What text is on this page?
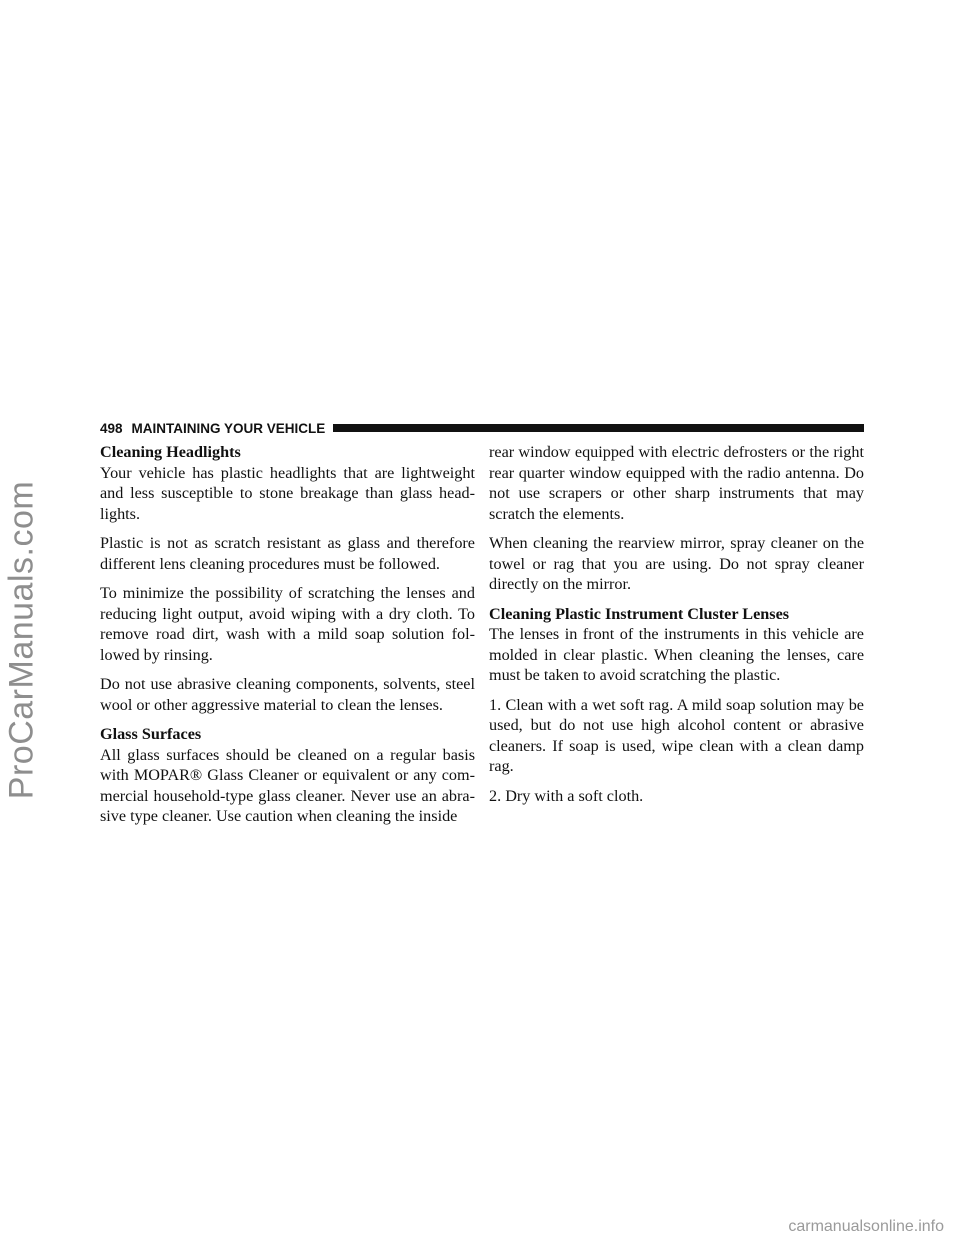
ProCarManuals.com
498 MAINTAINING YOUR VEHICLE
Cleaning Headlights

Your vehicle has plastic headlights that are lightweight and less susceptible to stone breakage than glass head-lights.

Plastic is not as scratch resistant as glass and therefore different lens cleaning procedures must be followed.

To minimize the possibility of scratching the lenses and reducing light output, avoid wiping with a dry cloth. To remove road dirt, wash with a mild soap solution fol-lowed by rinsing.

Do not use abrasive cleaning components, solvents, steel wool or other aggressive material to clean the lenses.

Glass Surfaces

All glass surfaces should be cleaned on a regular basis with MOPAR® Glass Cleaner or equivalent or any com-mercial household-type glass cleaner. Never use an abra-sive type cleaner. Use caution when cleaning the inside

rear window equipped with electric defrosters or the right rear quarter window equipped with the radio antenna. Do not use scrapers or other sharp instruments that may scratch the elements.

When cleaning the rearview mirror, spray cleaner on the towel or rag that you are using. Do not spray cleaner directly on the mirror.

Cleaning Plastic Instrument Cluster Lenses

The lenses in front of the instruments in this vehicle are molded in clear plastic. When cleaning the lenses, care must be taken to avoid scratching the plastic.

1. Clean with a wet soft rag. A mild soap solution may be used, but do not use high alcohol content or abrasive cleaners. If soap is used, wipe clean with a clean damp rag.

2. Dry with a soft cloth.

carmanualsonline.info
